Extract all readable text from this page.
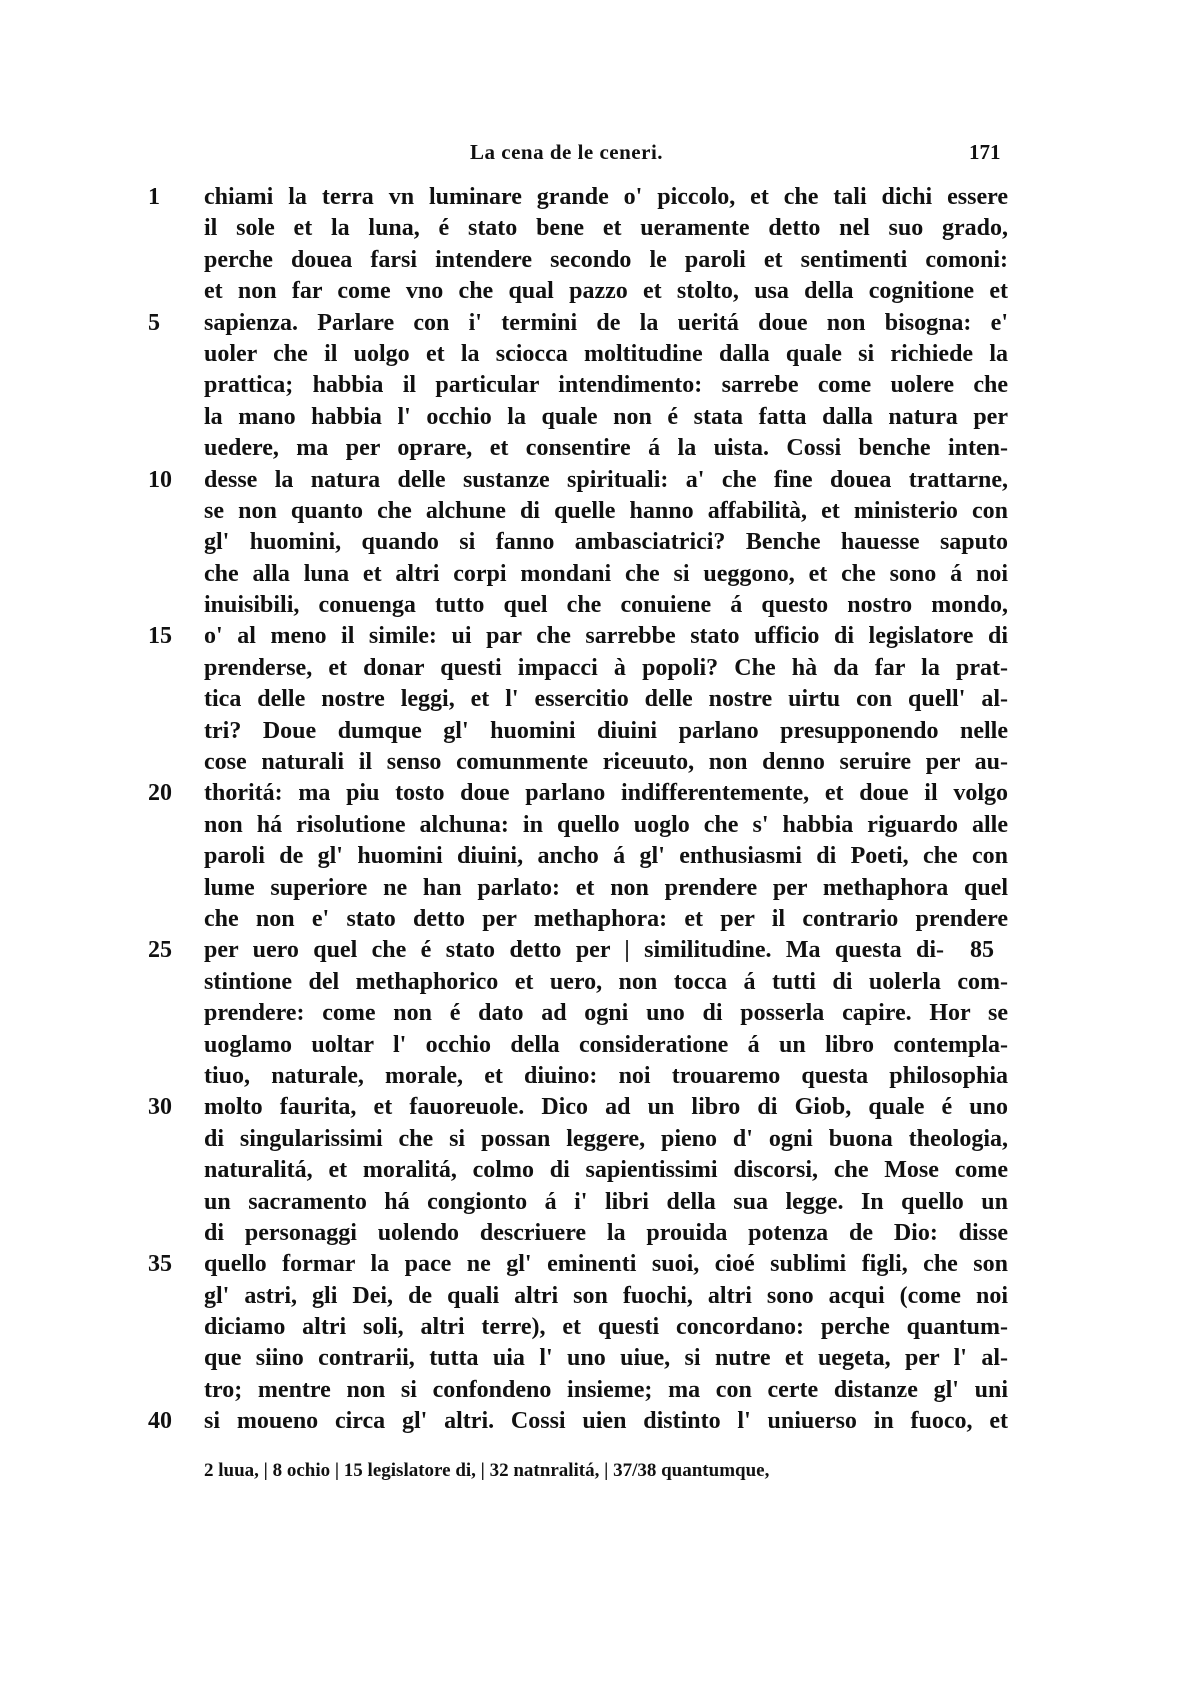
La cena de le ceneri.	171
1	chiami la terra vn luminare grande o' piccolo, et che tali dichi essere
il sole et la luna, é stato bene et ueramente detto nel suo grado,
perche douea farsi intendere secondo le paroli et sentimenti comoni:
et non far come vno che qual pazzo et stolto, usa della cognitione et
5	sapienza. Parlare con i' termini de la ueritá doue non bisogna: e'
uoler che il uolgo et la sciocca moltitudine dalla quale si richiede la
prattica; habbia il particular intendimento: sarrebe come uolere che
la mano habbia l' occhio la quale non é stata fatta dalla natura per
uedere, ma per oprare, et consentire á la uista. Cossi benche inten-
10	desse la natura delle sustanze spirituali: a' che fine douea trattarne,
se non quanto che alchune di quelle hanno affabilità, et ministerio con
gl' huomini, quando si fanno ambasciatrici? Benche hauesse saputo
che alla luna et altri corpi mondani che si ueggono, et che sono á noi
inuisibili, conuenga tutto quel che conuiene á questo nostro mondo,
15	o' al meno il simile: ui par che sarrebbe stato ufficio di legislatore di
prenderse, et donar questi impacci à popoli? Che hà da far la prat-
tica delle nostre leggi, et l' essercitio delle nostre uirtu con quell' al-
tri? Doue dumque gl' huomini diuini parlano presupponendo nelle
cose naturali il senso comunmente riceuuto, non denno seruire per au-
20	thoritá: ma piu tosto doue parlano indifferentemente, et doue il volgo
non há risolutione alchuna: in quello uoglo che s' habbia riguardo alle
paroli de gl' huomini diuini, ancho á gl' enthusiasmi di Poeti, che con
lume superiore ne han parlato: et non prendere per methaphora quel
che non e' stato detto per methaphora: et per il contrario prendere
25	per uero quel che é stato detto per | similitudine. Ma questa di- 85
stintione del methaphorico et uero, non tocca á tutti di uolerla com-
prendere: come non é dato ad ogni uno di posserla capire. Hor se
uoglamo uoltar l' occhio della consideratione á un libro contempla-
tiuo, naturale, morale, et diuino: noi trouaremo questa philosophia
30	molto faurita, et fauoreuole. Dico ad un libro di Giob, quale é uno
di singularissimi che si possan leggere, pieno d' ogni buona theologia,
naturalitá, et moralitá, colmo di sapientissimi discorsi, che Mose come
un sacramento há congionto á i' libri della sua legge. In quello un
di personaggi uolendo descriuere la prouida potenza de Dio: disse
35	quello formar la pace ne gl' eminenti suoi, cioé sublimi figli, che son
gl' astri, gli Dei, de quali altri son fuochi, altri sono acqui (come noi
diciamo altri soli, altri terre), et questi concordano: perche quantum-
que siino contrarii, tutta uia l' uno uiue, si nutre et uegeta, per l' al-
tro; mentre non si confondeno insieme; ma con certe distanze gl' uni
40	si moueno circa gl' altri. Cossi uien distinto l' uniuerso in fuoco, et
2 luua, | 8 ochio | 15 legislatore di, | 32 natnralitá, | 37/38 quantumque,
